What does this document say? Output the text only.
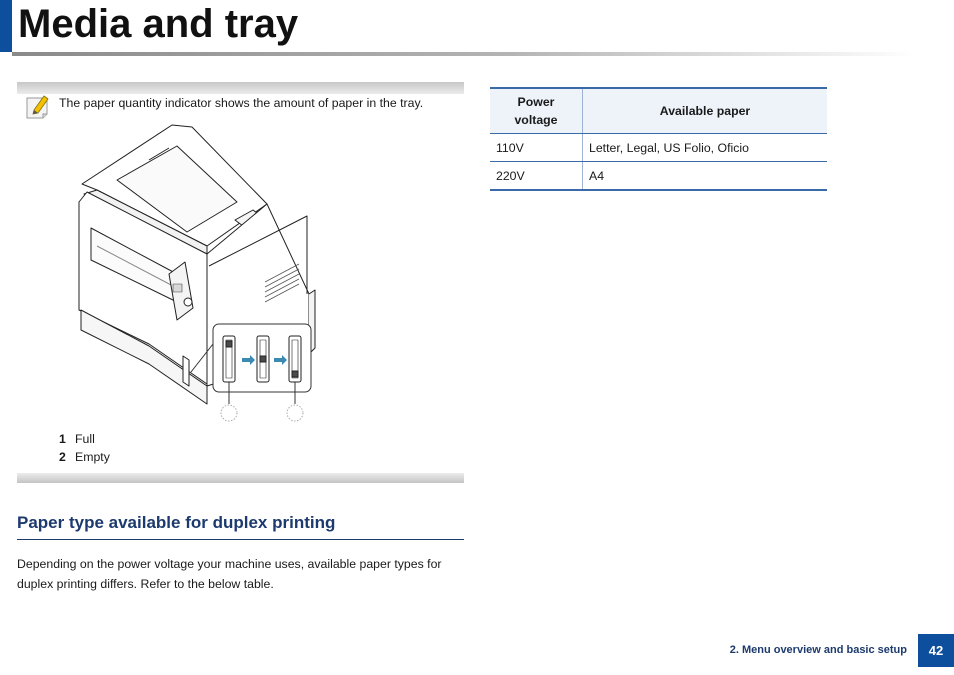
Media and tray
The paper quantity indicator shows the amount of paper in the tray.
1 Full
2 Empty
Paper type available for duplex printing

Depending on the power voltage your machine uses, available paper types for duplex printing differs. Refer to the below table.

Power voltage	Available paper
110V	Letter, Legal, US Folio, Oficio
220V	A4
2. Menu overview and basic setup	42
